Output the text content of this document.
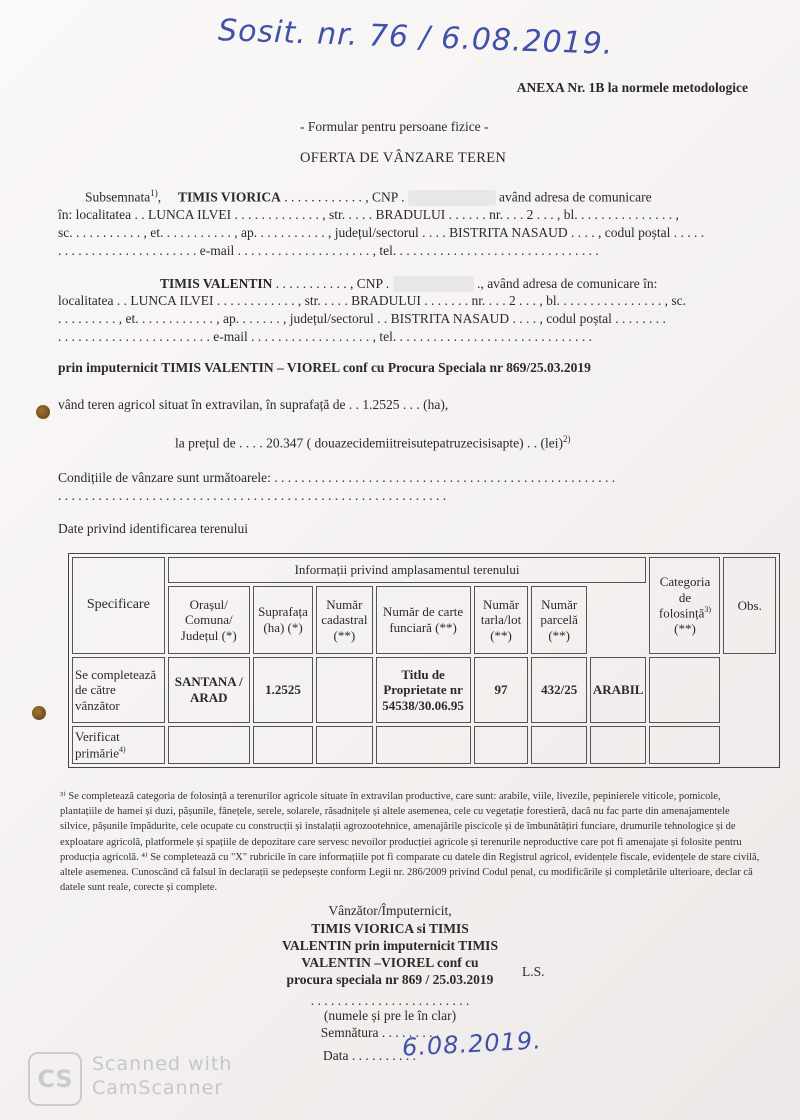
Sosit. nr. 76 / 6.08.2019.
ANEXA Nr. 1B la normele metodologice
- Formular pentru persoane fizice -
OFERTA DE VÂNZARE TEREN
Subsemnata$^{1)}$,     TIMIS VIORICA . . . . . . . . . . . . , CNP .	având adresa de comunicare
în: localitatea . . LUNCA ILVEI . . . . . . . . . . . . . , str. . . . . BRADULUI . . . . . . nr. . . . 2 . . . , bl. . . . . . . . . . . . . . . ,
sc. . . . . . . . . . . , et. . . . . . . . . . . , ap. . . . . . . . . . . , județul/sectorul . . . . BISTRITA NASAUD . . . . , codul poștal . . . . .
. . . . . . . . . . . . . . . . . . . . . e-mail . . . . . . . . . . . . . . . . . . . . , tel. . . . . . . . . . . . . . . . . . . . . . . . . . . . . . .
TIMIS VALENTIN . . . . . . . . . . . , CNP .	., având adresa de comunicare în:
localitatea . . LUNCA ILVEI . . . . . . . . . . . . , str. . . . . BRADULUI . . . . . . . nr. . . . 2 . . . , bl. . . . . . . . . . . . . . . . , sc.
. . . . . . . . . , et. . . . . . . . . . . . , ap. . . . . . . , județul/sectorul . . BISTRITA NASAUD . . . . , codul poștal . . . . . . . .
. . . . . . . . . . . . . . . . . . . . . . . e-mail . . . . . . . . . . . . . . . . . . , tel. . . . . . . . . . . . . . . . . . . . . . . . . . . . . .
prin imputernicit TIMIS VALENTIN – VIOREL conf cu Procura Speciala nr 869/25.03.2019
vând teren agricol situat în extravilan, în suprafață de . . 1.2525 . . . (ha),
la prețul de . . . . 20.347 ( douazecidemiitreisutepatruzecisisapte) . . (lei)$^{2)}$
Condițiile de vânzare sunt următoarele: . . . . . . . . . . . . . . . . . . . . . . . . . . . . . . . . . . . . . . . . . . . . . . . . . . .
. . . . . . . . . . . . . . . . . . . . . . . . . . . . . . . . . . . . . . . . . . . . . . . . . . . . . . . . . .
Date privind identificarea terenului
Specificare	Informații privind amplasamentul terenului							Categoria de folosință$^{3)}$ (**)	Obs.
	Orașul/ Comuna/ Județul (*)	Suprafața (ha) (*)	Număr cadastral (**)	Număr de carte funciară (**)	Număr tarla/lot (**)	Număr parcelă (**)		
Se completează de către vânzător	SANTANA / ARAD	1.2525		Titlu de Proprietate nr 54538/30.06.95	97	432/25	ARABIL		
Verificat primărie$^{4)}$								
³⁾ Se completează categoria de folosință a terenurilor agricole situate în extravilan productive, care sunt: arabile, viile, livezile, pepinierele viticole, pomicole, plantațiile de hamei și duzi, pășunile, fânețele, serele, solarele, răsadnițele și altele asemenea, cele cu vegetație forestieră, dacă nu fac parte din amenajamentele silvice, pășunile împădurite, cele ocupate cu construcții și instalații agrozootehnice, amenajările piscicole și de îmbunătățiri funciare, drumurile tehnologice și de exploatare agricolă, platformele și spațiile de depozitare care servesc nevoilor producției agricole și terenurile neproductive care pot fi amenajate și folosite pentru producția agricolă. ⁴⁾ Se completează cu "X" rubricile în care informațiile pot fi comparate cu datele din Registrul agricol, evidențele fiscale, evidențele de stare civilă, altele asemenea. Cunoscând că falsul în declarații se pedepsește conform Legii nr. 286/2009 privind Codul penal, cu modificările și completările ulterioare, declar că datele sunt reale, corecte și complete.
Vânzător/Împuternicit,
TIMIS VIORICA si TIMIS
VALENTIN prin imputernicit TIMIS
VALENTIN –VIOREL conf cu
procura speciala nr 869 / 25.03.2019
L.S.
. . . . . . . . . . . . . . . . . . . . . . . .
(numele și pre le în clar)
Semnătura . . . . . . . . .
Data . . . . . . . . . .
6.08.2019.
CS
Scanned with
CamScanner
